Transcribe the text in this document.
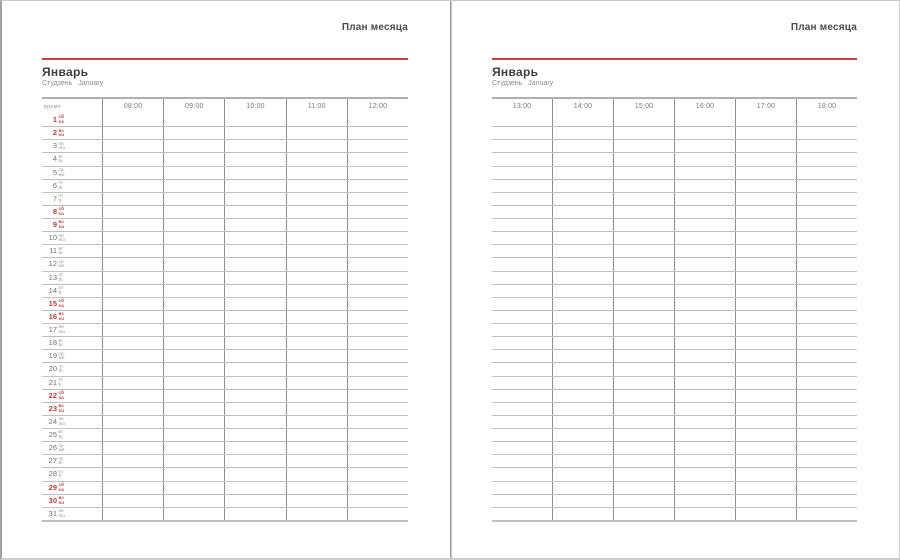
План месяца
Январь
Студзень January
время	08:00	09:00	10:00	11:00	12:00
1 сб
sa
2 вс
su
3 пн
mo
4 вт
tu
5 ср
we
6 чт
th
7 пт
fr
8 сб
sa
9 вс
su
10 пн
mo
11 вт
tu
12 ср
we
13 чт
th
14 пт
fr
15 сб
sa
16 вс
su
17 пн
mo
18 вт
tu
19 ср
we
20 чт
th
21 пт
fr
22 сб
sa
23 вс
su
24 пн
mo
25 вт
tu
26 ср
we
27 чт
th
28 пт
fr
29 сб
sa
30 вс
su
31 пн
mo
План месяца
Январь
Студзень January
13:00	14:00	15:00	16:00	17:00	18:00
